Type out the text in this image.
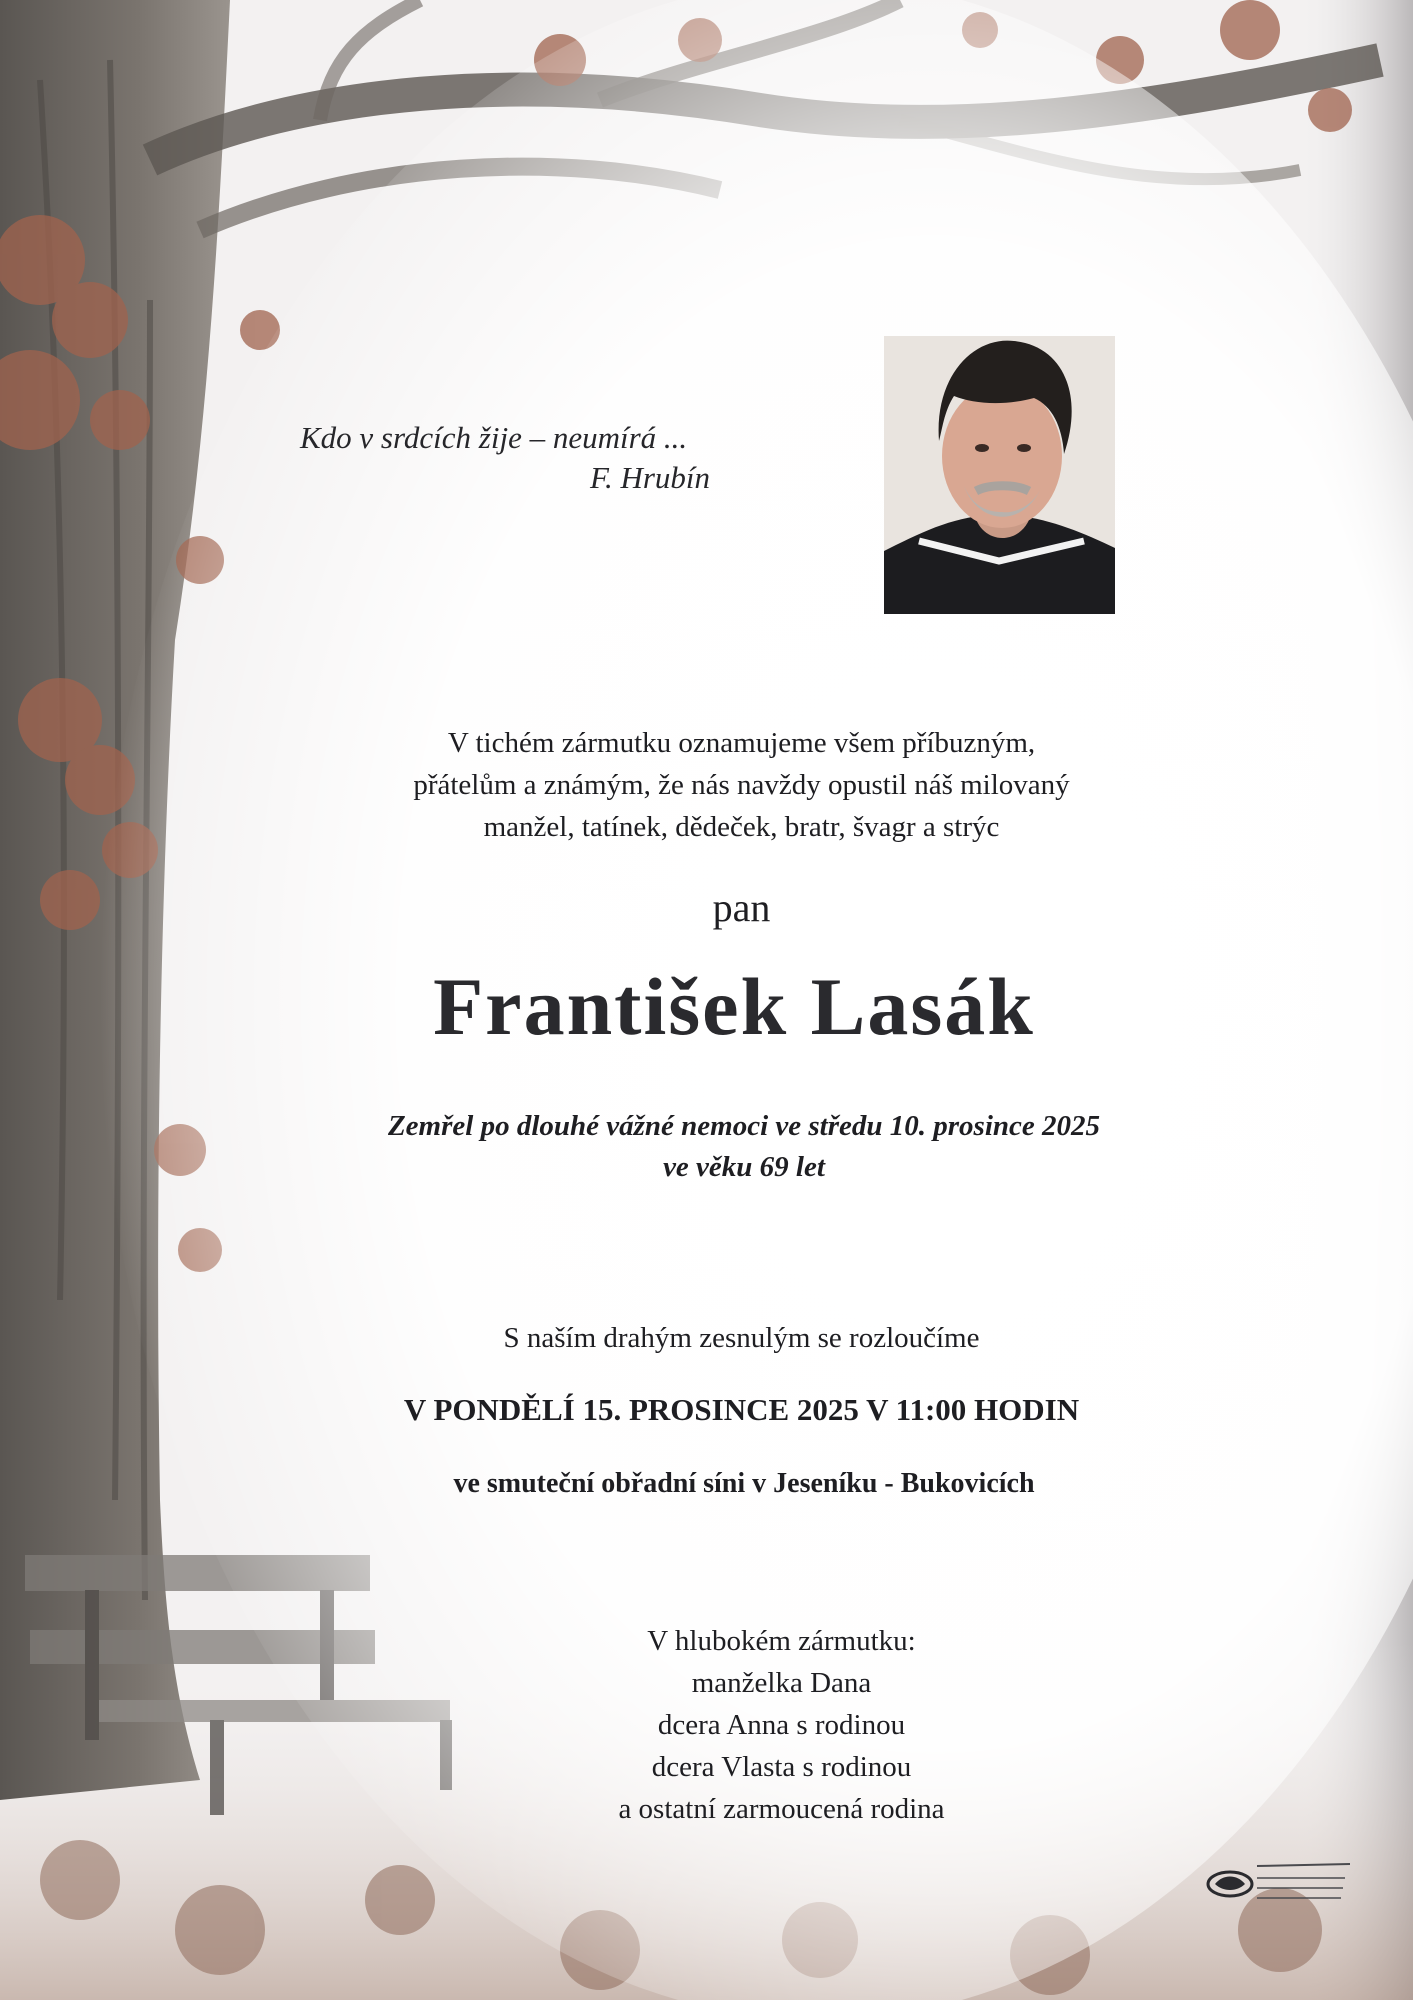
Kdo v srdcích žije – neumírá ...
F. Hrubín
V tichém zármutku oznamujeme všem příbuzným,
přátelům a známým, že nás navždy opustil náš milovaný
manžel, tatínek, dědeček, bratr, švagr a strýc
pan
František Lasák
Zemřel po dlouhé vážné nemoci ve středu 10. prosince 2025
ve věku 69 let
S naším drahým zesnulým se rozloučíme
V PONDĚLÍ 15. PROSINCE 2025 V 11:00 HODIN
ve smuteční obřadní síni v Jeseníku - Bukovicích
V hlubokém zármutku:
manželka Dana
dcera Anna s rodinou
dcera Vlasta s rodinou
a ostatní zarmoucená rodina
